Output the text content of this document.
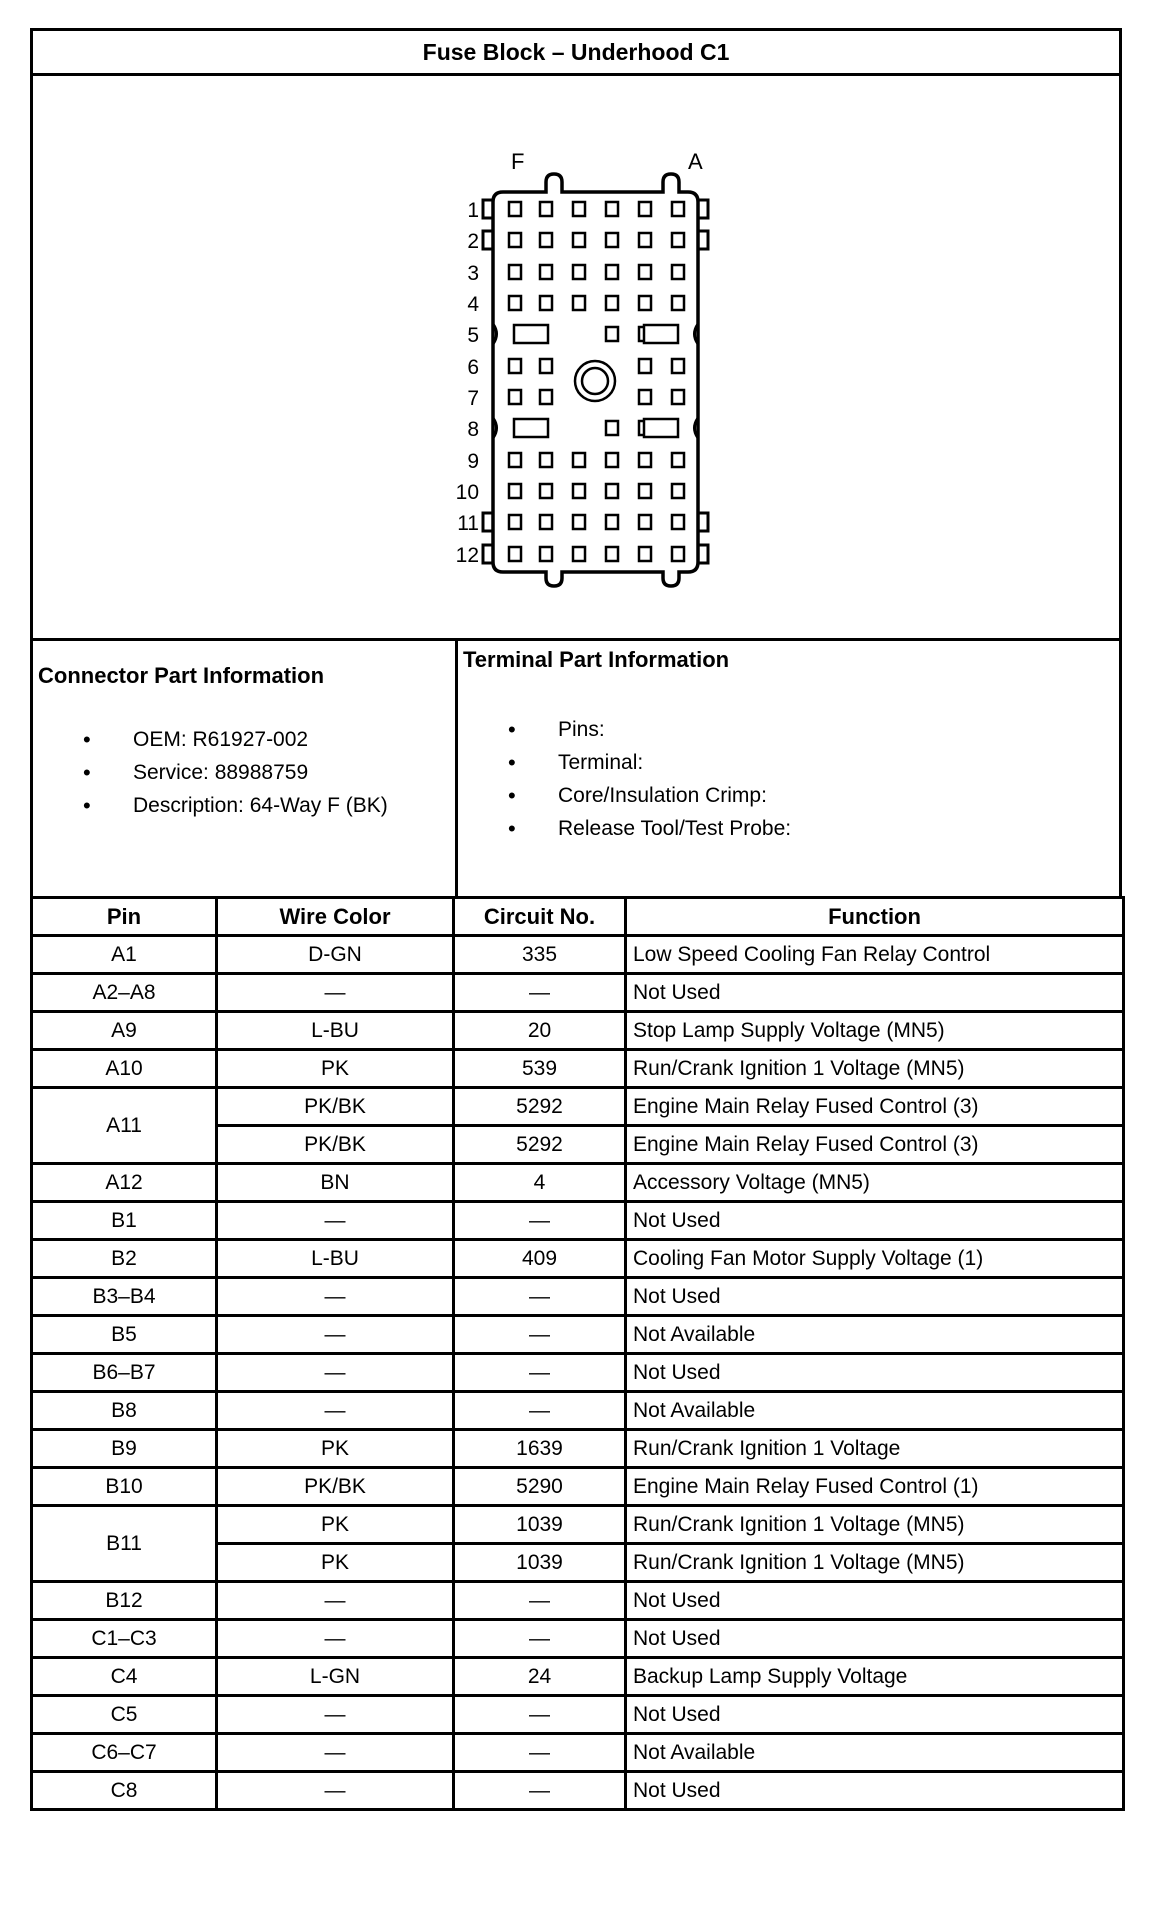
Fuse Block – Underhood C1
F	A
1
2
3
4
5
6
7
8
9
10
11
12
Connector Part Information
• OEM: R61927-002
• Service: 88988759
• Description: 64-Way F (BK)
Terminal Part Information
• Pins:
• Terminal:
• Core/Insulation Crimp:
• Release Tool/Test Probe:
Pin	Wire Color	Circuit No.	Function
A1	D-GN	335	Low Speed Cooling Fan Relay Control
A2–A8	—	—	Not Used
A9	L-BU	20	Stop Lamp Supply Voltage (MN5)
A10	PK	539	Run/Crank Ignition 1 Voltage (MN5)
A11	PK/BK	5292	Engine Main Relay Fused Control (3)
	PK/BK	5292	Engine Main Relay Fused Control (3)
A12	BN	4	Accessory Voltage (MN5)
B1	—	—	Not Used
B2	L-BU	409	Cooling Fan Motor Supply Voltage (1)
B3–B4	—	—	Not Used
B5	—	—	Not Available
B6–B7	—	—	Not Used
B8	—	—	Not Available
B9	PK	1639	Run/Crank Ignition 1 Voltage
B10	PK/BK	5290	Engine Main Relay Fused Control (1)
B11	PK	1039	Run/Crank Ignition 1 Voltage (MN5)
	PK	1039	Run/Crank Ignition 1 Voltage (MN5)
B12	—	—	Not Used
C1–C3	—	—	Not Used
C4	L-GN	24	Backup Lamp Supply Voltage
C5	—	—	Not Used
C6–C7	—	—	Not Available
C8	—	—	Not Used
